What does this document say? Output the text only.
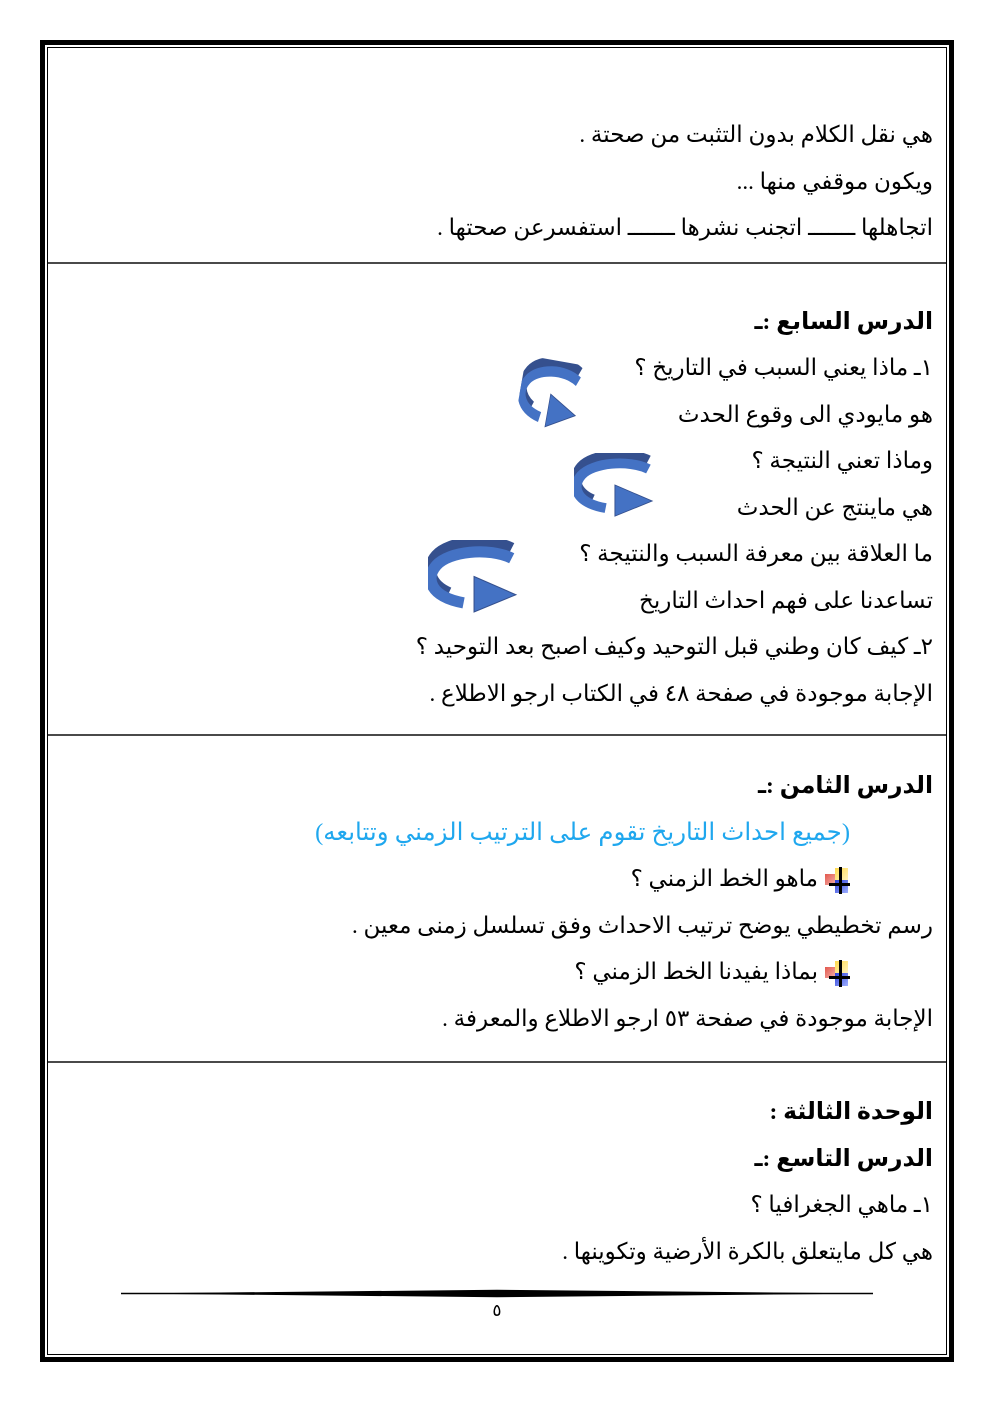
هي نقل الكلام بدون التثبت من صحتة .
ويكون موقفي منها ...
اتجاهلها ـــــــ اتجنب نشرها ـــــــ استفسرعن صحتها .
الدرس السابع :ـ
١ـ ماذا يعني السبب في التاريخ ؟
هو مايودي الى وقوع الحدث
وماذا تعني النتيجة ؟
هي ماينتج عن الحدث
ما العلاقة بين معرفة السبب والنتيجة ؟
تساعدنا على فهم احداث التاريخ
٢ـ كيف كان وطني قبل التوحيد وكيف اصبح بعد التوحيد ؟
الإجابة موجودة في صفحة ٤٨ في الكتاب ارجو الاطلاع .
الدرس الثامن :ـ
(جميع احداث التاريخ تقوم على الترتيب الزمني وتتابعه)
ماهو الخط الزمني ؟
رسم تخطيطي يوضح ترتيب الاحداث وفق تسلسل زمنى معين .
بماذا يفيدنا الخط الزمني ؟
الإجابة موجودة في صفحة ٥٣ ارجو الاطلاع والمعرفة .
الوحدة الثالثة :
الدرس التاسع :ـ
١ـ ماهي الجغرافيا ؟
هي كل مايتعلق بالكرة الأرضية وتكوينها .
٥
